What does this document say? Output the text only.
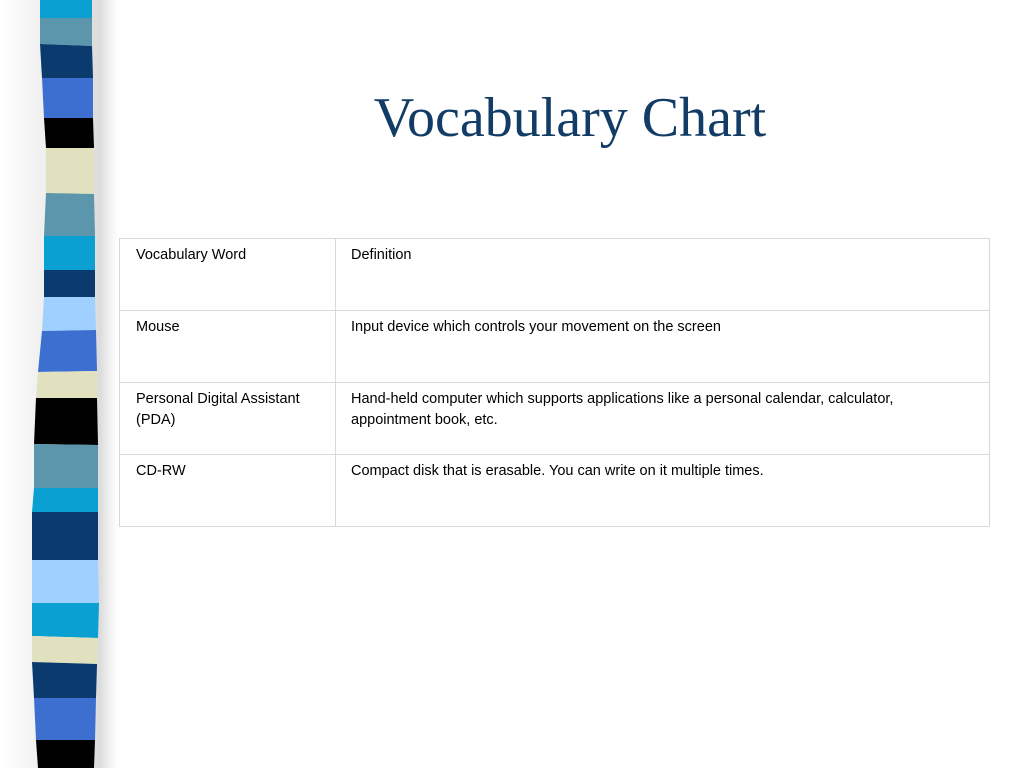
Vocabulary Chart
Vocabulary Word	Definition
Mouse	Input device which controls your movement on the screen
Personal Digital Assistant (PDA)	Hand-held computer which supports applications like a personal calendar, calculator, appointment book, etc.
CD-RW	Compact disk that is erasable. You can write on it multiple times.
